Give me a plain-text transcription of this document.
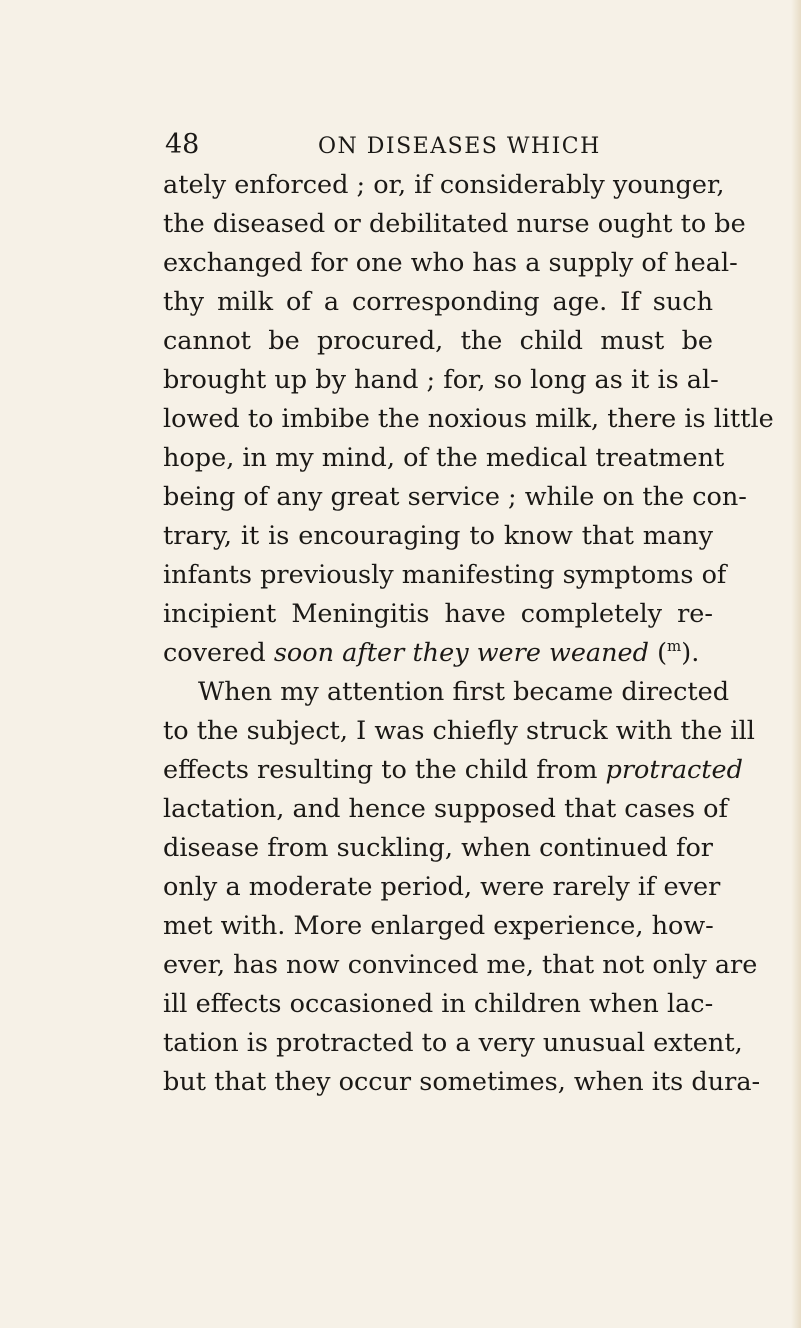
48	ON DISEASES WHICH
ately enforced ; or, if considerably younger,
the diseased or debilitated nurse ought to be
exchanged for one who has a supply of heal-
thy milk of a corresponding age. If such
cannot be procured, the child must be
brought up by hand ; for, so long as it is al-
lowed to imbibe the noxious milk, there is little
hope, in my mind, of the medical treatment
being of any great service ; while on the con-
trary, it is encouraging to know that many
infants previously manifesting symptoms of
incipient Meningitis have completely re-
covered soon after they were weaned ($^m$).
When my attention first became directed
to the subject, I was chiefly struck with the ill
effects resulting to the child from protracted
lactation, and hence supposed that cases of
disease from suckling, when continued for
only a moderate period, were rarely if ever
met with. More enlarged experience, how-
ever, has now convinced me, that not only are
ill effects occasioned in children when lac-
tation is protracted to a very unusual extent,
but that they occur sometimes, when its dura-
